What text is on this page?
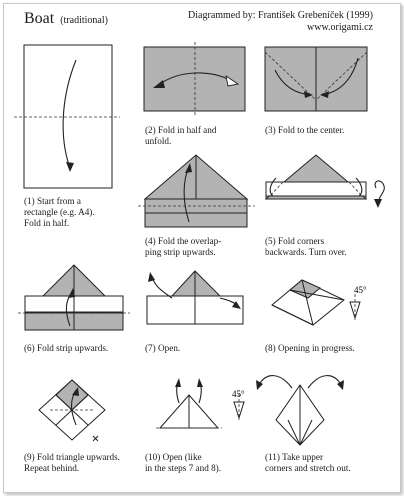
Boat (traditional)	Diagrammed by: František Grebeníček (1999)
www.origami.cz
45°
45°
(1) Start from a
rectangle (e.g. A4).
Fold in half.
(2) Fold in half and
unfold.
(3) Fold to the center.
(4) Fold the overlap-
ping strip upwards.
(5) Fold corners
backwards. Turn over.
(6) Fold strip upwards.	(7) Open.	(8) Opening in progress.
(9) Fold triangle upwards.
Repeat behind.
(10) Open (like
in the steps 7 and 8).
(11) Take upper
corners and stretch out.
